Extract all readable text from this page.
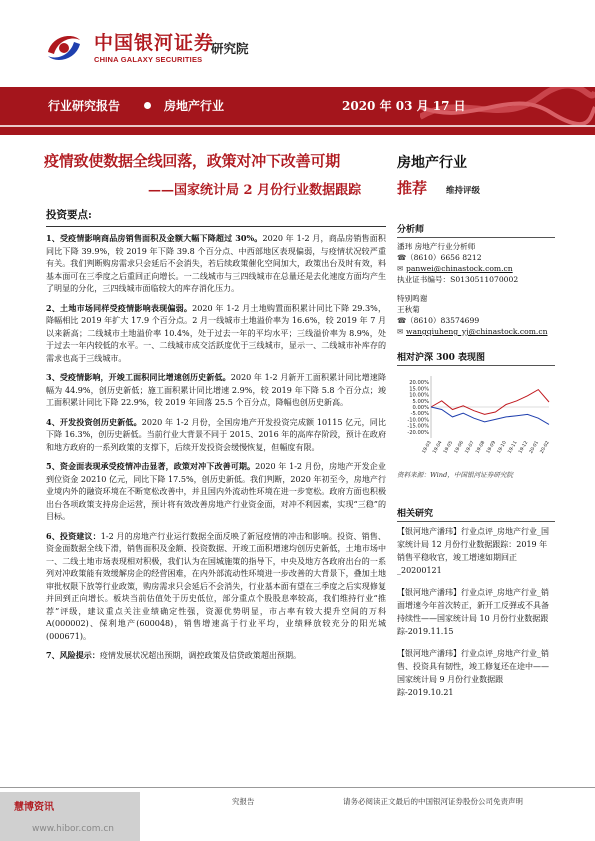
中国银河证券
CHINA GALAXY SECURITIES
研究院
行业研究报告	房地产行业	2020 年 03 月 17 日
疫情致使数据全线回落，政策对冲下改善可期
——国家统计局 2 月份行业数据跟踪
房地产行业
推荐 维持评级
投资要点:

1、受疫情影响商品房销售面积及金额大幅下降超过 30%。2020 年 1-2 月，商品房销售面积同比下降 39.9%，较 2019 年下降 39.8 个百分点、中西部地区表现偏弱，与疫情状况较严重有关。我们判断购房需求只会延后不会消失，若后续政策催化空间加大，政策出台及时有效，料基本面可在三季度之后重回正向增长。一二线城市与三四线城市在总量还是去化速度方面均产生了明显的分化，三四线城市面临较大的库存消化压力。

2、土地市场同样受疫情影响表现偏弱。2020 年 1-2 月土地购置面积累计同比下降 29.3%，降幅相比 2019 年扩大 17.9 个百分点。2 月一线城市土地溢价率为 16.6%，较 2019 年 7 月以来新高；二线城市土地溢价率 10.4%，处于过去一年的平均水平；三线溢价率为 8.9%，处于过去一年内较低的水平。一、二线城市成交活跃度优于三线城市，显示一、二线城市补库存的需求也高于三线城市。

3、受疫情影响，开竣工面积同比增速创历史新低。2020 年 1-2 月新开工面积累计同比增速降幅为 44.9%，创历史新低；施工面积累计同比增速 2.9%，较 2019 年下降 5.8 个百分点；竣工面积累计同比下降 22.9%，较 2019 年回落 25.5 个百分点，降幅也创历史新高。

4、开发投资创历史新低。2020 年 1-2 月份，全国房地产开发投资完成额 10115 亿元，同比下降 16.3%，创历史新低。当前行业大背景不同于 2015、2016 年的高库存阶段，预计在政府和地方政府的一系列政策的支撑下，后续开发投资会缓慢恢复，但幅度有限。

5、资金面表现承受疫情冲击显著，政策对冲下改善可期。2020 年 1-2 月份，房地产开发企业到位资金 20210 亿元，同比下降 17.5%，创历史新低。我们判断，2020 年初至今，房地产行业境内外的融资环境在不断宽松改善中，并且国内外流动性环境在进一步宽松。政府方面也积极出台各项政策支持房企运营，预计将有效改善房地产行业资金面，对冲不利因素，实现“三稳”的目标。

6、投资建议：1-2 月的房地产行业运行数据全面反映了新冠疫情的冲击和影响。投资、销售、资金面数据全线下滑，销售面积及金额、投资数据、开竣工面积增速均创历史新低，土地市场中一、二线土地市场表现相对积极，我们认为在国城施策的指导下，中央及地方各政府出台的一系列对冲政策能有效缓解房企的经营困难，在内外部流动性环境进一步改善的大背景下，叠加土地审批权限下放等行业政策，购房需求只会延后不会消失，行业基本面有望在三季度之后实现修复并回到正向增长。板块当前估值处于历史低位，部分重点个股股息率较高，我们维持行业“推荐”评级，建议重点关注业绩确定性强，资源优势明显，市占率有较大提升空间的万科 A(000002)、保利地产(600048)，销售增速高于行业平均，业绩释放较充分的阳光城 (000671)。

7、风险提示：疫情发展状况超出预期，调控政策及信贷政策超出预期。

分析师
潘玮 房地产行业分析师
☎（8610）6656 8212
✉ panwei@chinastock.com.cn
执业证书编号：S0130511070002
特别鸣谢
王秋菊
☎（8610）83574699
✉ wangqiuheng_yj@chinastock.com.cn
相对沪深 300 表现图
20.00%
15.00%
10.00%
5.00%
0.00%
-5.00%
-10.00%
-15.00%
-20.00%
19-03 19-04 19-05 19-06 19-07 19-08 19-09 19-10 19-11 19-12 20-01 20-02
资料来源：Wind，中国银河证券研究院
相关研究
【银河地产潘玮】行业点评_房地产行业_国家统计局 12 月份行业数据跟踪：2019 年销售平稳收官，竣工增速如期回正_20200121
【银河地产潘玮】行业点评_房地产行业_销面增速今年首次转正，新开工反弹或不具备持续性——国家统计局 10 月份行业数据跟踪-2019.11.15
【银河地产潘玮】行业点评_房地产行业_销售、投资具有韧性，竣工修复还在途中——国家统计局 9 月份行业数据跟踪-2019.10.21
慧博资讯
www.hibor.com.cn
究报告	请务必阅读正文最后的中国银河证券股份公司免责声明
